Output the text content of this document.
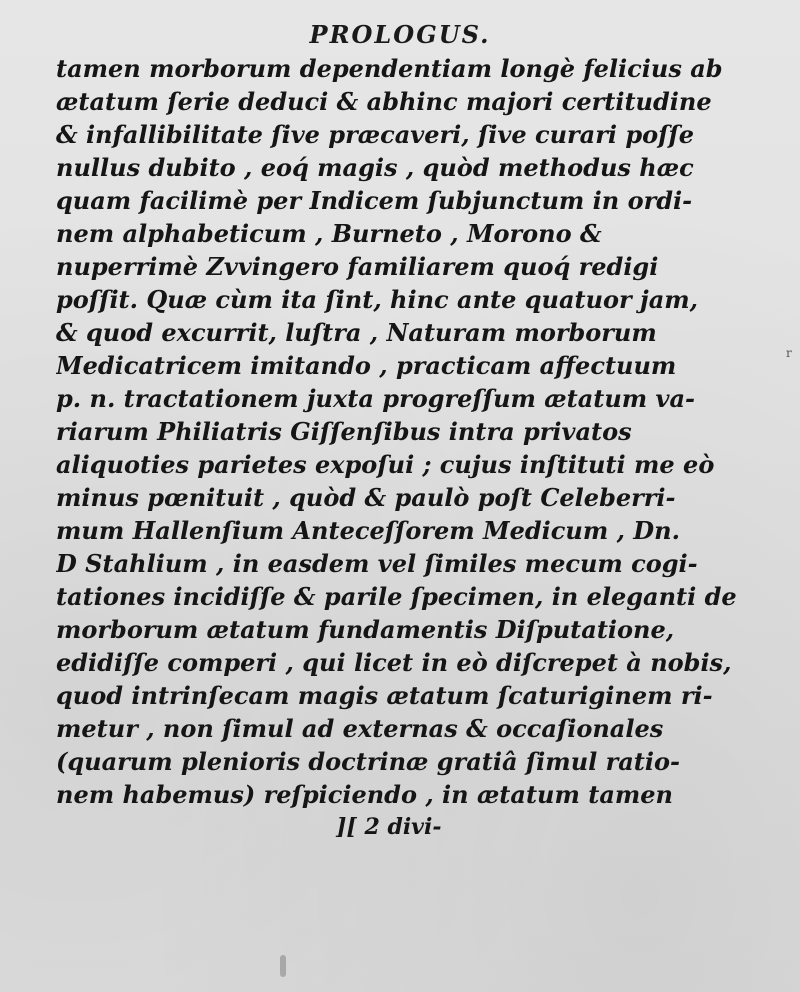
PROLOGUS.
tamen morborum dependentiam longè felicius ab
ætatum ſerie deduci & abhinc majori certitudine
& infallibilitate ſive præcaveri, ſive curari poſſe
nullus dubito , eoq́ magis , quòd methodus hæc
quam facilimè per Indicem ſubjunctum in ordi-
nem alphabeticum , Burneto , Morono &
nuperrimè Zvvingero familiarem quoq́ redigi
poſſit. Quæ cùm ita ſint, hinc ante quatuor jam,
& quod excurrit, luſtra , Naturam morborum
Medicatricem imitando , practicam affectuum
p. n. tractationem juxta progreſſum ætatum va-
riarum Philiatris Giſſenſibus intra privatos
aliquoties parietes expoſui ; cujus inſtituti me eò
minus pœnituit , quòd & paulò poſt Celeberri-
mum Hallenſium Anteceſſorem Medicum , Dn.
D Stahlium , in easdem vel ſimiles mecum cogi-
tationes incidiſſe & parile ſpecimen, in eleganti de
morborum ætatum fundamentis Diſputatione,
edidiſſe comperi , qui licet in eò diſcrepet à nobis,
quod intrinſecam magis ætatum ſcaturiginem ri-
metur , non ſimul ad externas & occaſionales
(quarum plenioris doctrinæ gratiâ ſimul ratio-
nem habemus) reſpiciendo , in ætatum tamen
][ 2 divi-
r
